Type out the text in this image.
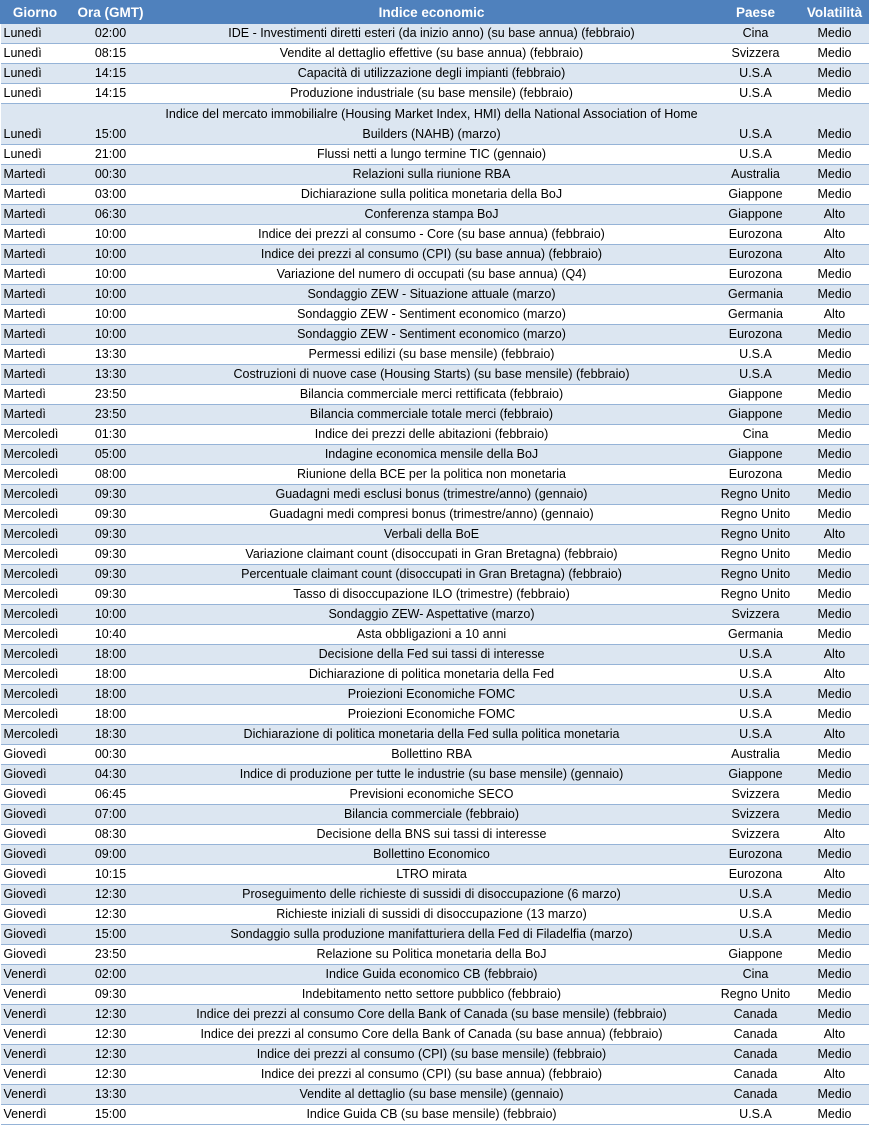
Giorno	Ora (GMT)	Indice economic	Paese	Volatilità
Lunedì	02:00	IDE - Investimenti diretti esteri (da inizio anno) (su base annua) (febbraio)	Cina	Medio
Lunedì	08:15	Vendite al dettaglio effettive (su base annua) (febbraio)	Svizzera	Medio
Lunedì	14:15	Capacità di utilizzazione degli impianti (febbraio)	U.S.A	Medio
Lunedì	14:15	Produzione industriale (su base mensile) (febbraio)	U.S.A	Medio
Lunedì	15:00	Indice del mercato immobilialre (Housing Market Index, HMI) della National Association of Home Builders (NAHB) (marzo)	U.S.A	Medio
Lunedì	21:00	Flussi netti a lungo termine TIC (gennaio)	U.S.A	Medio
Martedì	00:30	Relazioni sulla riunione RBA	Australia	Medio
Martedì	03:00	Dichiarazione sulla politica monetaria della BoJ	Giappone	Medio
Martedì	06:30	Conferenza stampa BoJ	Giappone	Alto
Martedì	10:00	Indice dei prezzi al consumo - Core (su base annua) (febbraio)	Eurozona	Alto
Martedì	10:00	Indice dei prezzi al consumo (CPI) (su base annua) (febbraio)	Eurozona	Alto
Martedì	10:00	Variazione del numero di occupati (su base annua) (Q4)	Eurozona	Medio
Martedì	10:00	Sondaggio ZEW - Situazione attuale (marzo)	Germania	Medio
Martedì	10:00	Sondaggio ZEW - Sentiment economico (marzo)	Germania	Alto
Martedì	10:00	Sondaggio ZEW - Sentiment economico (marzo)	Eurozona	Medio
Martedì	13:30	Permessi edilizi (su base mensile) (febbraio)	U.S.A	Medio
Martedì	13:30	Costruzioni di nuove case (Housing Starts) (su base mensile) (febbraio)	U.S.A	Medio
Martedì	23:50	Bilancia commerciale merci rettificata (febbraio)	Giappone	Medio
Martedì	23:50	Bilancia commerciale totale merci (febbraio)	Giappone	Medio
Mercoledì	01:30	Indice dei prezzi delle abitazioni (febbraio)	Cina	Medio
Mercoledì	05:00	Indagine economica mensile della BoJ	Giappone	Medio
Mercoledì	08:00	Riunione della BCE per la politica non monetaria	Eurozona	Medio
Mercoledì	09:30	Guadagni medi esclusi bonus (trimestre/anno) (gennaio)	Regno Unito	Medio
Mercoledì	09:30	Guadagni medi compresi bonus (trimestre/anno) (gennaio)	Regno Unito	Medio
Mercoledì	09:30	Verbali della BoE	Regno Unito	Alto
Mercoledì	09:30	Variazione claimant count (disoccupati in Gran Bretagna) (febbraio)	Regno Unito	Medio
Mercoledì	09:30	Percentuale claimant count (disoccupati in Gran Bretagna) (febbraio)	Regno Unito	Medio
Mercoledì	09:30	Tasso di disoccupazione ILO (trimestre) (febbraio)	Regno Unito	Medio
Mercoledì	10:00	Sondaggio ZEW- Aspettative (marzo)	Svizzera	Medio
Mercoledì	10:40	Asta obbligazioni a 10 anni	Germania	Medio
Mercoledì	18:00	Decisione della Fed sui tassi di interesse	U.S.A	Alto
Mercoledì	18:00	Dichiarazione di politica monetaria della Fed	U.S.A	Alto
Mercoledì	18:00	Proiezioni Economiche FOMC	U.S.A	Medio
Mercoledì	18:00	Proiezioni Economiche FOMC	U.S.A	Medio
Mercoledì	18:30	Dichiarazione di politica monetaria della Fed sulla politica monetaria	U.S.A	Alto
Giovedì	00:30	Bollettino RBA	Australia	Medio
Giovedì	04:30	Indice di produzione per tutte le industrie (su base mensile) (gennaio)	Giappone	Medio
Giovedì	06:45	Previsioni economiche SECO	Svizzera	Medio
Giovedì	07:00	Bilancia commerciale (febbraio)	Svizzera	Medio
Giovedì	08:30	Decisione della BNS sui tassi di interesse	Svizzera	Alto
Giovedì	09:00	Bollettino Economico	Eurozona	Medio
Giovedì	10:15	LTRO mirata	Eurozona	Alto
Giovedì	12:30	Proseguimento delle richieste di sussidi di disoccupazione (6 marzo)	U.S.A	Medio
Giovedì	12:30	Richieste iniziali di sussidi di disoccupazione (13 marzo)	U.S.A	Medio
Giovedì	15:00	Sondaggio sulla produzione manifatturiera della Fed di Filadelfia (marzo)	U.S.A	Medio
Giovedì	23:50	Relazione su Politica monetaria della BoJ	Giappone	Medio
Venerdì	02:00	Indice Guida economico CB (febbraio)	Cina	Medio
Venerdì	09:30	Indebitamento netto settore pubblico (febbraio)	Regno Unito	Medio
Venerdì	12:30	Indice dei prezzi al consumo Core della Bank of Canada (su base mensile) (febbraio)	Canada	Medio
Venerdì	12:30	Indice dei prezzi al consumo Core della Bank of Canada (su base annua) (febbraio)	Canada	Alto
Venerdì	12:30	Indice dei prezzi al consumo (CPI) (su base mensile) (febbraio)	Canada	Medio
Venerdì	12:30	Indice dei prezzi al consumo (CPI) (su base annua) (febbraio)	Canada	Alto
Venerdì	13:30	Vendite al dettaglio (su base mensile) (gennaio)	Canada	Medio
Venerdì	15:00	Indice Guida CB (su base mensile) (febbraio)	U.S.A	Medio
